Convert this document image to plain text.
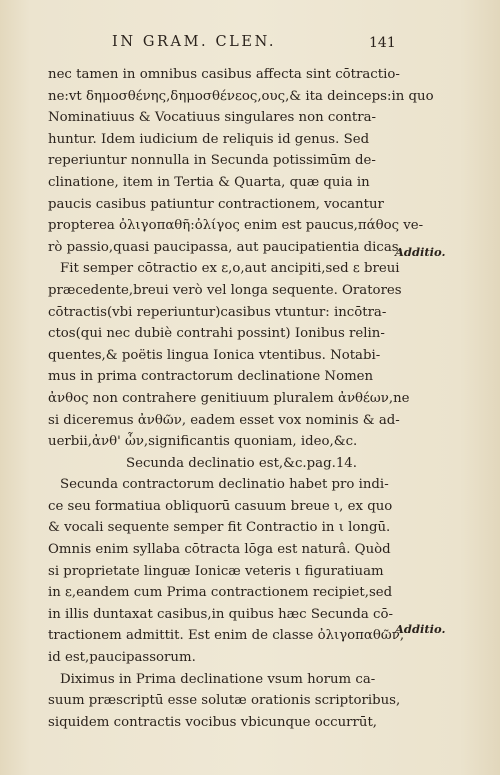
IN GRAM. CLEN.	141
nec tamen in omnibus casibus affecta sint cōtractio-
ne:vt δημοσθένης,δημοσθένεος,ους,& ita deinceps:in quo
Nominatiuus & Vocatiuus singulares non contra-
huntur. Idem iudicium de reliquis id genus. Sed
reperiuntur nonnulla in Secunda potissimūm de-
clinatione, item in Tertia & Quarta, quæ quia in
paucis casibus patiuntur contractionem, vocantur
propterea ὀλιγοπαθῆ:ὀλίγος enim est paucus,πάθος ve-
rò passio,quasi paucipassa, aut paucipatientia dicas.
Fit semper cōtractio ex ε,ο,aut ancipiti,sed ε breui
præcedente,breui verò vel longa sequente. Oratores
cōtractis(vbi reperiuntur)casibus vtuntur: incōtra-
ctos(qui nec dubiè contrahi possint) Ionibus relin-
quentes,& poëtis lingua Ionica vtentibus. Notabi-
mus in prima contractorum declinatione Nomen
ἀνθος non contrahere genitiuum pluralem ἀνθέων,ne
si diceremus ἀνθῶν, eadem esset vox nominis & ad-
uerbii,ἀνθ' ὧν,significantis quoniam, ideo,&c.
Secunda declinatio est,&c.pag.14.
Secunda contractorum declinatio habet pro indi-
ce seu formatiua obliquorū casuum breue ι, ex quo
& vocali sequente semper fit Contractio in ι longū.
Omnis enim syllaba cōtracta lōga est naturâ. Quòd
si proprietate linguæ Ionicæ veteris ι figuratiuam
in ε,eandem cum Prima contractionem recipiet,sed
in illis duntaxat casibus,in quibus hæc Secunda cō-
tractionem admittit. Est enim de classe ὀλιγοπαθῶν,
id est,paucipassorum.
Diximus in Prima declinatione vsum horum ca-
suum præscriptū esse solutæ orationis scriptoribus,
siquidem contractis vocibus vbicunque occurrūt,
Additio.
Additio.
